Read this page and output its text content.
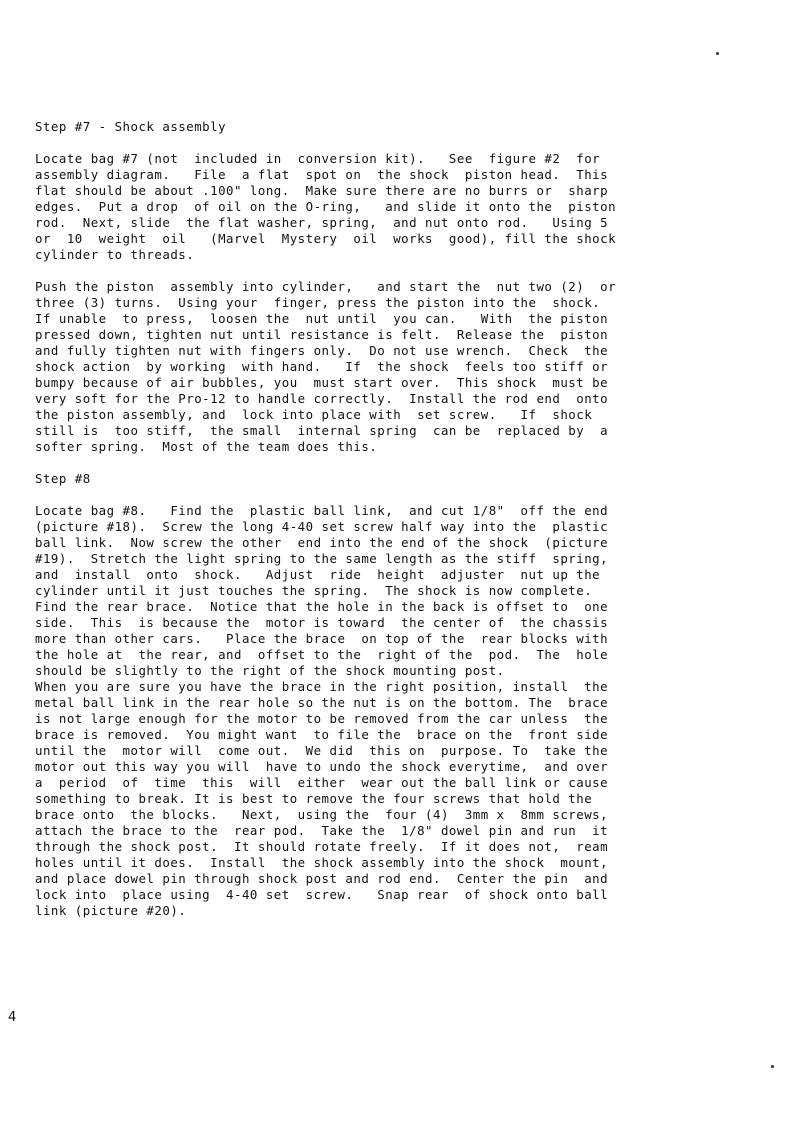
Step #7 - Shock assembly

Locate bag #7 (not  included in  conversion kit).   See  figure #2  for
assembly diagram.   File  a flat  spot on  the shock  piston head.  This
flat should be about .100" long.  Make sure there are no burrs or  sharp
edges.  Put a drop  of oil on the O-ring,   and slide it onto the  piston
rod.  Next, slide  the flat washer, spring,  and nut onto rod.   Using 5
or  10  weight  oil   (Marvel  Mystery  oil  works  good), fill the shock
cylinder to threads.

Push the piston  assembly into cylinder,   and start the  nut two (2)  or
three (3) turns.  Using your  finger, press the piston into the  shock.
If unable  to press,  loosen the  nut until  you can.   With  the piston
pressed down, tighten nut until resistance is felt.  Release the  piston
and fully tighten nut with fingers only.  Do not use wrench.  Check  the
shock action  by working  with hand.   If  the shock  feels too stiff or
bumpy because of air bubbles, you  must start over.  This shock  must be
very soft for the Pro-12 to handle correctly.  Install the rod end  onto
the piston assembly, and  lock into place with  set screw.   If  shock
still is  too stiff,  the small  internal spring  can be  replaced by  a
softer spring.  Most of the team does this.

Step #8

Locate bag #8.   Find the  plastic ball link,  and cut 1/8"  off the end
(picture #18).  Screw the long 4-40 set screw half way into the  plastic
ball link.  Now screw the other  end into the end of the shock  (picture
#19).  Stretch the light spring to the same length as the stiff  spring,
and  install  onto  shock.   Adjust  ride  height  adjuster  nut up the
cylinder until it just touches the spring.  The shock is now complete.
Find the rear brace.  Notice that the hole in the back is offset to  one
side.  This  is because the  motor is toward  the center of  the chassis
more than other cars.   Place the brace  on top of the  rear blocks with
the hole at  the rear, and  offset to the  right of the  pod.  The  hole
should be slightly to the right of the shock mounting post.
When you are sure you have the brace in the right position, install  the
metal ball link in the rear hole so the nut is on the bottom. The  brace
is not large enough for the motor to be removed from the car unless  the
brace is removed.  You might want  to file the  brace on the  front side
until the  motor will  come out.  We did  this on  purpose. To  take the
motor out this way you will  have to undo the shock everytime,  and over
a  period  of  time  this  will  either  wear out the ball link or cause
something to break. It is best to remove the four screws that hold the
brace onto  the blocks.   Next,  using the  four (4)  3mm x  8mm screws,
attach the brace to the  rear pod.  Take the  1/8" dowel pin and run  it
through the shock post.  It should rotate freely.  If it does not,  ream
holes until it does.  Install  the shock assembly into the shock  mount,
and place dowel pin through shock post and rod end.  Center the pin  and
lock into  place using  4-40 set  screw.   Snap rear  of shock onto ball
link (picture #20).

4
